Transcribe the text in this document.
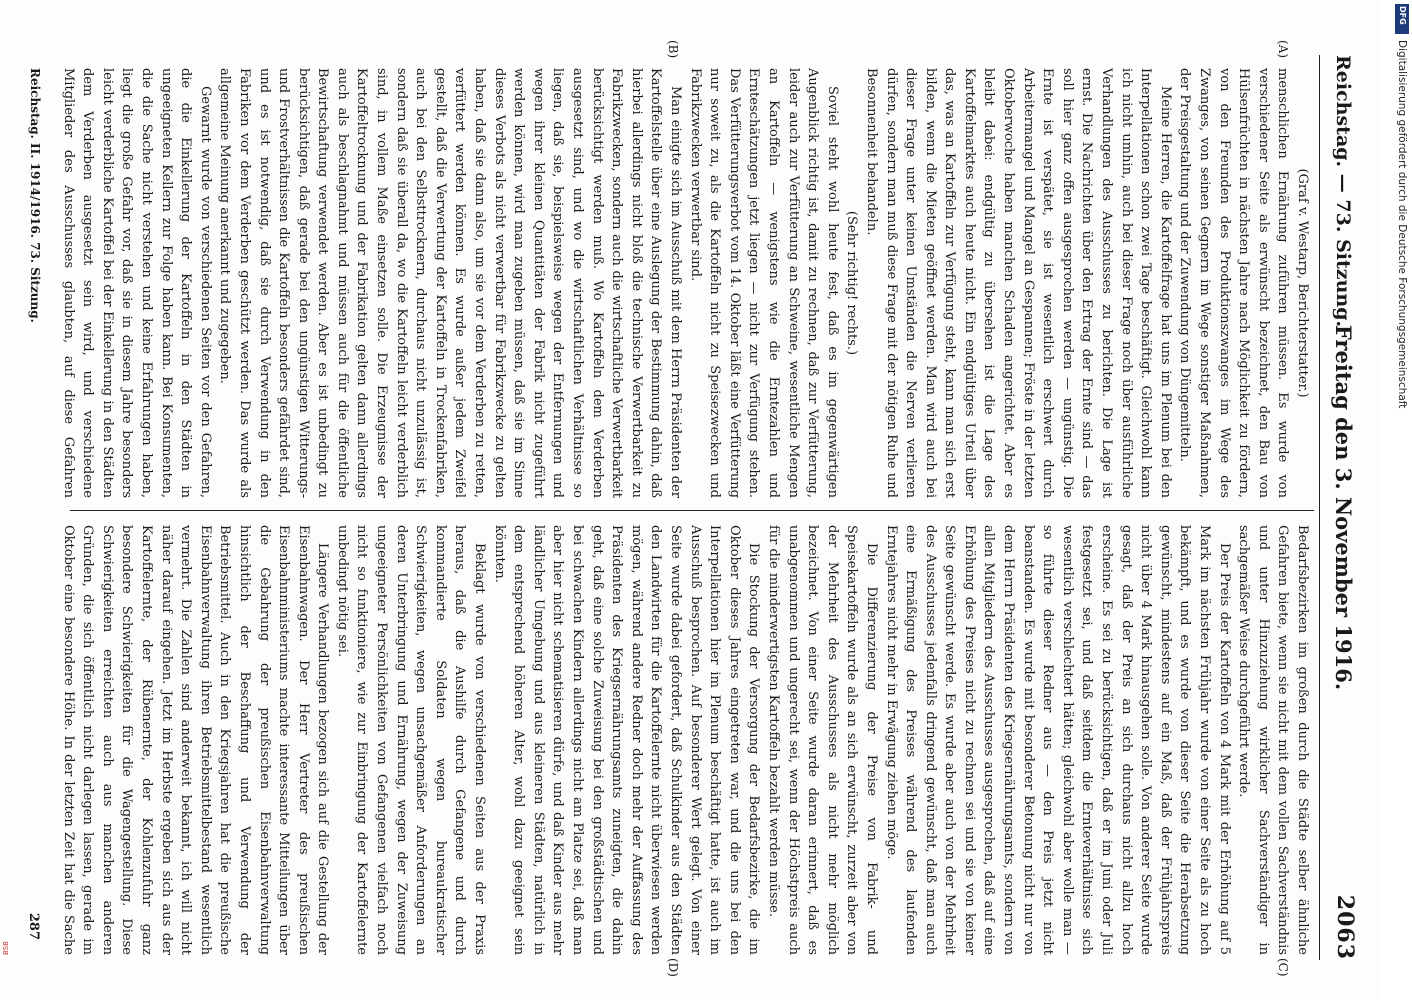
Reichstag. — 73. Sitzung.
Freitag den 3. November 1916.
2063
(A)
(B)
(C)
(D)

(Graf v. Westarp, Berichterstatter.)

menschlichen Ernährung zuführen müssen. Es wurde von verschiedener Seite als erwünscht bezeichnet, den Bau von Hülsenfrüchten in nächsten Jahre nach Möglichkeit zu fördern, von den Freunden des Produktionszwanges im Wege des Zwanges, von seinen Gegnern im Wege sonstiger Maßnahmen, der Preisgestaltung und der Zuwendung von Düngemitteln.

Meine Herren, die Kartoffelfrage hat uns im Plenum bei den Interpellationen schon zwei Tage beschäftigt. Gleichwohl kann ich nicht umhin, auch bei dieser Frage noch über ausführliche Verhandlungen des Ausschusses zu berichten. Die Lage ist ernst. Die Nachrichten über den Ertrag der Ernte sind — das soll hier ganz offen ausgesprochen werden — ungünstig. Die Ernte ist verspätet, sie ist wesentlich erschwert durch Arbeitermangel und Mangel an Gespannen; Fröste in der letzten Oktoberwoche haben manchen Schaden angerichtet. Aber es bleibt dabei: endgültig zu übersehen ist die Lage des Kartoffelmarktes auch heute nicht. Ein endgültiges Urteil über das, was an Kartoffeln zur Verfügung steht, kann man sich erst bilden, wenn die Mieten geöffnet werden. Man wird auch bei dieser Frage unter keinen Umständen die Nerven verlieren dürfen, sondern man muß diese Frage mit der nötigen Ruhe und Besonnenheit behandeln.

(Sehr richtig! rechts.)

Soviel steht wohl heute fest, daß es im gegenwärtigen Augenblick richtig ist, damit zu rechnen, daß zur Verfütterung, leider auch zur Verfütterung an Schweine, wesentliche Mengen an Kartoffeln — wenigstens wie die Erntezahlen und Ernteschätzungen jetzt liegen — nicht zur Verfügung stehen. Das Verfütterungsverbot vom 14. Oktober läßt eine Verfütterung nur soweit zu, als die Kartoffeln nicht zu Speisezwecken und Fabrikzwecken verwertbar sind.

Man einigte sich im Ausschuß mit dem Herrn Präsidenten der Kartoffelstelle über eine Auslegung der Bestimmung dahin, daß hierbei allerdings nicht bloß die technische Verwertbarkeit zu Fabrikzwecken, sondern auch die wirtschaftliche Verwertbarkeit berücksichtigt werden muß. Wo Kartoffeln dem Verderben ausgesetzt sind, und wo die wirtschaftlichen Verhältnisse so liegen, daß sie, beispielsweise wegen der Entfernungen und wegen ihrer kleinen Quantitäten der Fabrik nicht zugeführt werden können, wird man zugeben müssen, daß sie im Sinne dieses Verbots als nicht verwertbar für Fabrikzwecke zu gelten haben, daß sie dann also, um sie vor dem Verderben zu retten, verfüttert werden können. Es wurde außer jedem Zweifel gestellt, daß die Verwertung der Kartoffeln in Trockenfabriken, auch bei den Selbsttrocknern, durchaus nicht unzulässig ist, sondern daß sie überall da, wo die Kartoffeln leicht verderblich sind, in vollem Maße einsetzen solle. Die Erzeugnisse der Kartoffeltrocknung und der Fabrikation gelten dann allerdings auch als beschlagnahmt und müssen auch für die öffentliche Bewirtschaftung verwendet werden. Aber es ist unbedingt zu berücksichtigen, daß gerade bei den ungünstigen Witterungs- und Frostverhältnissen die Kartoffeln besonders gefährdet sind, und es ist notwendig, daß sie durch Verwendung in den Fabriken vor dem Verderben geschützt werden. Das wurde als allgemeine Meinung anerkannt und zugegeben.

Gewarnt wurde von verschiedenen Seiten vor den Gefahren, die die Einkellerung der Kartoffeln in den Städten in ungeeigneten Kellern zur Folge haben kann. Bei Konsumenten, die die Sache nicht verstehen und keine Erfahrungen haben, liegt die große Gefahr vor, daß sie in diesem Jahre besonders leicht verderbliche Kartoffel bei der Einkellerung in den Städten dem Verderben ausgesetzt sein wird, und verschiedene Mitglieder des Ausschusses glaubten, auf diese Gefahren

Bedarfsbezirken im großen durch die Städte selber ähnliche Gefahren biete, wenn sie nicht mit dem vollen Sachverständnis und unter Hinzuziehung wirklicher Sachverständiger in sachgemäßer Weise durchgeführt werde.

Der Preis der Kartoffeln von 4 Mark mit der Erhöhung auf 5 Mark im nächsten Frühjahr wurde von einer Seite als zu hoch bekämpft, und es wurde von dieser Seite die Herabsetzung gewünscht, mindestens auf ein Maß, daß der Frühjahrspreis nicht über 4 Mark hinausgehen solle. Von anderer Seite wurde gesagt, daß der Preis an sich durchaus nicht allzu hoch erscheine. Es sei zu berücksichtigen, daß er im Juni oder Juli festgesetzt sei, und daß seitdem die Ernteverhältnisse sich wesentlich verschlechtert hätten; gleichwohl aber wolle man — so führte dieser Redner aus — den Preis jetzt nicht beanstanden. Es wurde mit besonderer Betonung nicht nur von dem Herrn Präsidenten des Kriegsernährungsamts, sondern von allen Mitgliedern des Ausschusses ausgesprochen, daß auf eine Erhöhung des Preises nicht zu rechnen sei und sie von keiner Seite gewünscht werde. Es wurde aber auch von der Mehrheit des Ausschusses jedenfalls dringend gewünscht, daß man auch eine Ermäßigung des Preises während des laufenden Erntejahres nicht mehr in Erwägung ziehen möge.

Die Differenzierung der Preise von Fabrik- und Speisekartoffeln wurde als an sich erwünscht, zurzeit aber von der Mehrheit des Ausschusses als nicht mehr möglich bezeichnet. Von einer Seite wurde daran erinnert, daß es unabgenommen und ungerecht sei, wenn der Höchstpreis auch für die minderwertigsten Kartoffeln bezahlt werden müsse.

Die Stockung der Versorgung der Bedarfsbezirke, die im Oktober dieses Jahres eingetreten war, und die uns bei den Interpellationen hier im Plenum beschäftigt hatte, ist auch im Ausschuß besprochen. Auf besonderer Wert gelegt. Von einer Seite wurde dabei gefordert, daß Schulkinder aus den Städten den Landwirten für die Kartoffelernte nicht überwiesen werden mögen, während andere Redner doch mehr der Auffassung des Präsidenten des Kriegsernährungsamts zuneigten, die dahin geht, daß eine solche Zuweisung bei den großstädtischen und bei schwachen Kindern allerdings nicht am Platze sei, daß man aber hier nicht schematisieren dürfe, und daß Kinder aus mehr ländlicher Umgebung und aus kleineren Städten, natürlich in dem entsprechend höheren Alter, wohl dazu geeignet sein könnten.

Beklagt wurde von verschiedenen Seiten aus der Praxis heraus, daß die Aushilfe durch Gefangene und durch kommandierte Soldaten wegen bureaukratischer Schwierigkeiten, wegen unsachgemäßer Anforderungen an deren Unterbringung und Ernährung, wegen der Zuweisung ungeeigneter Persönlichkeiten von Gefangenen vielfach noch nicht so funktioniere, wie zur Einbringung der Kartoffelernte unbedingt nötig sei.

Längere Verhandlungen bezogen sich auf die Gestellung der Eisenbahnwagen. Der Herr Vertreter des preußischen Eisenbahnministeriums machte interessante Mitteilungen über die Gebahrung der preußischen Eisenbahnverwaltung hinsichtlich der Beschaffung und Verwendung der Betriebsmittel. Auch in den Kriegsjahren hat die preußische Eisenbahnverwaltung ihren Betriebsmittelbestand wesentlich vermehrt. Die Zahlen sind anderweit bekannt, ich will nicht näher darauf eingehen. Jetzt im Herbste ergeben sich aus der Kartoffelernte, der Rübenernte, der Kohlenzufuhr ganz besondere Schwierigkeiten für die Wagengestellung. Diese Schwierigkeiten erreichten auch aus manchen anderen Gründen, die sich öffentlich nicht darlegen lassen, gerade im Oktober eine besondere Höhe. In der letzten Zeit hat die Sache

Reichstag. II. 1914/1916. 73. Sitzung.
287
DFG
Digitalisierung gefördert durch die Deutsche Forschungsgemeinschaft
BSB
